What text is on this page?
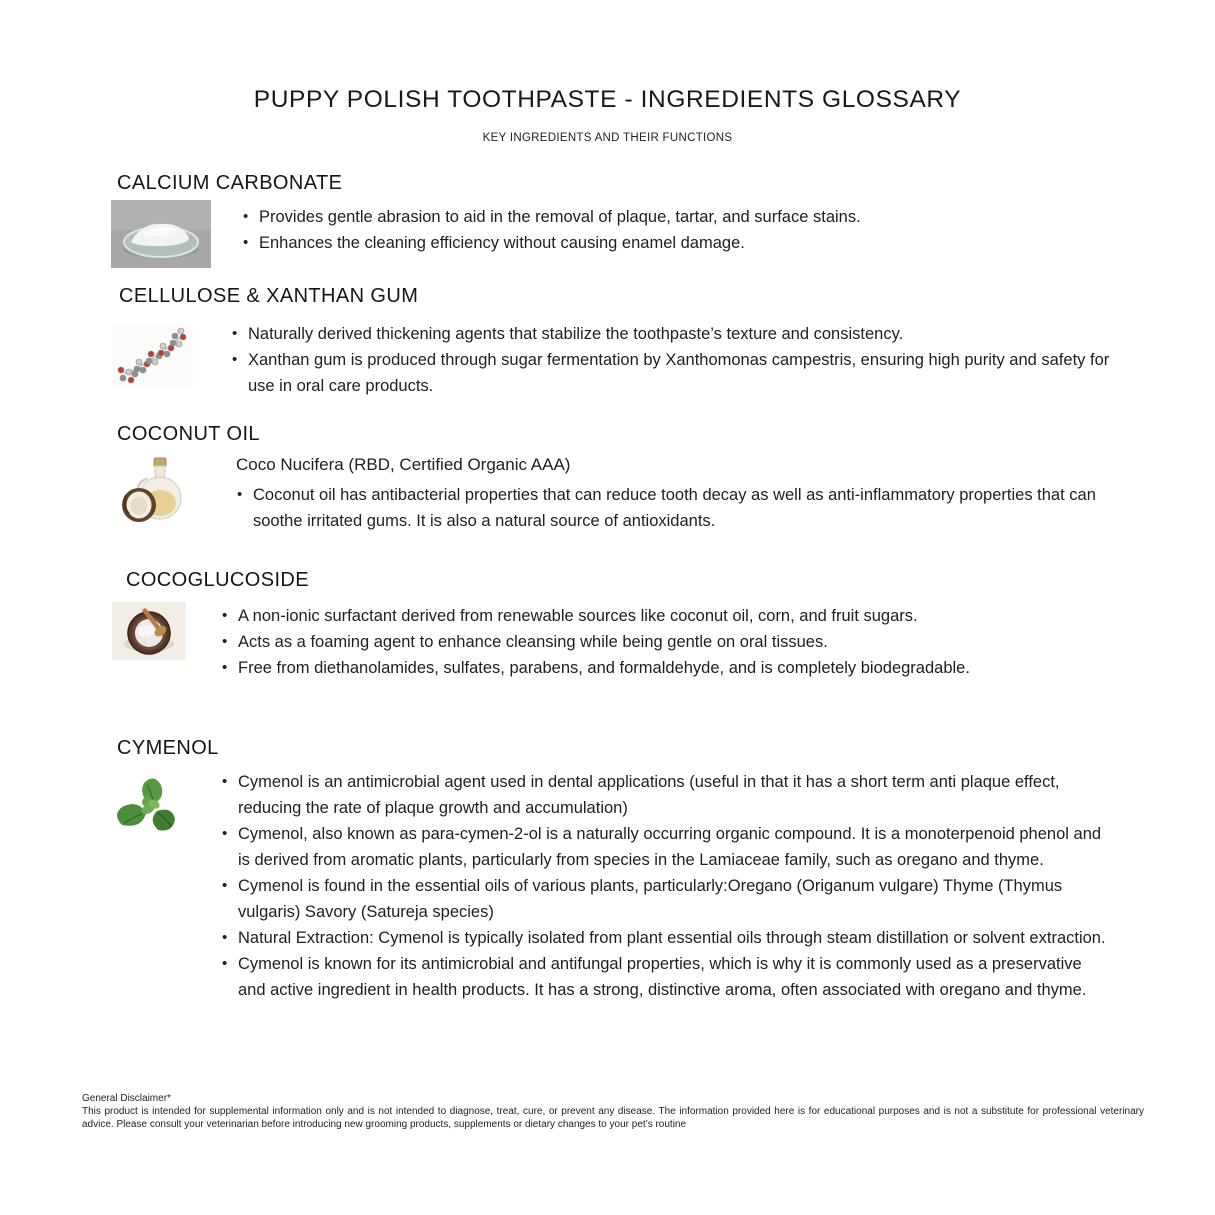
PUPPY POLISH TOOTHPASTE - INGREDIENTS GLOSSARY
KEY INGREDIENTS AND THEIR FUNCTIONS
CALCIUM CARBONATE
• Provides gentle abrasion to aid in the removal of plaque, tartar, and surface stains.
• Enhances the cleaning efficiency without causing enamel damage.
CELLULOSE & XANTHAN GUM
• Naturally derived thickening agents that stabilize the toothpaste’s texture and consistency.
• Xanthan gum is produced through sugar fermentation by Xanthomonas campestris, ensuring high purity and safety for use in oral care products.
COCONUT OIL
Coco Nucifera (RBD, Certified Organic AAA)
• Coconut oil has antibacterial properties that can reduce tooth decay as well as anti-inflammatory properties that can soothe irritated gums. It is also a natural source of antioxidants.
COCOGLUCOSIDE
• A non-ionic surfactant derived from renewable sources like coconut oil, corn, and fruit sugars.
• Acts as a foaming agent to enhance cleansing while being gentle on oral tissues.
• Free from diethanolamides, sulfates, parabens, and formaldehyde, and is completely biodegradable.
CYMENOL
• Cymenol is an antimicrobial agent used in dental applications (useful in that it has a short term anti plaque effect, reducing the rate of plaque growth and accumulation)
• Cymenol, also known as para-cymen-2-ol is a naturally occurring organic compound. It is a monoterpenoid phenol and is derived from aromatic plants, particularly from species in the Lamiaceae family, such as oregano and thyme.
• Cymenol is found in the essential oils of various plants, particularly:Oregano (Origanum vulgare) Thyme (Thymus vulgaris) Savory (Satureja species)
• Natural Extraction: Cymenol is typically isolated from plant essential oils through steam distillation or solvent extraction.
• Cymenol is known for its antimicrobial and antifungal properties, which is why it is commonly used as a preservative and active ingredient in health products. It has a strong, distinctive aroma, often associated with oregano and thyme.
General Disclaimer*
This product is intended for supplemental information only and is not intended to diagnose, treat, cure, or prevent any disease. The information provided here is for educational purposes and is not a substitute for professional veterinary advice. Please consult your veterinarian before introducing new grooming products, supplements or dietary changes to your pet’s routine
